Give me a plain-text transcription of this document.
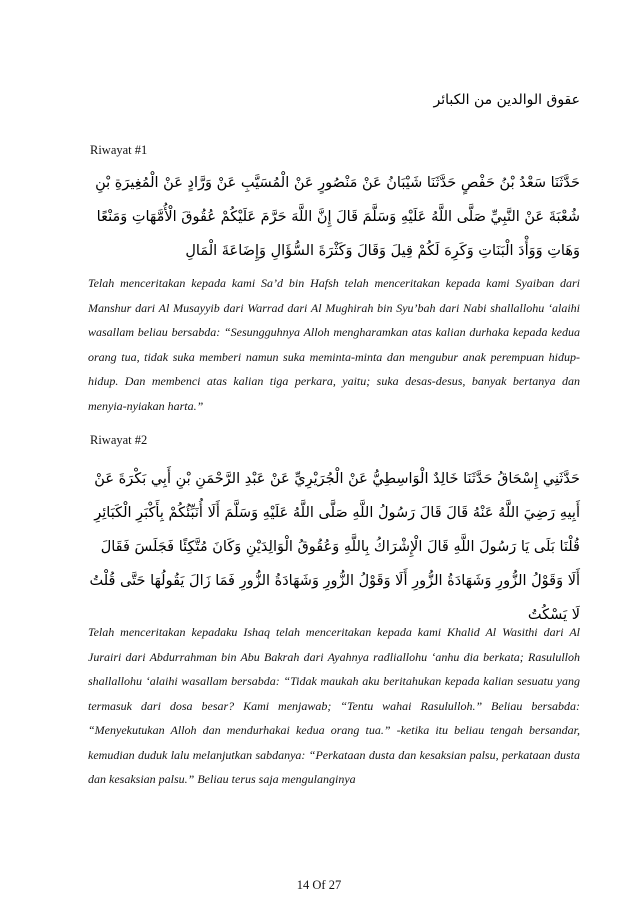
عقوق الوالدين من الكبائر
Riwayat #1
حَدَّثَنَا سَعْدُ بْنُ حَفْصٍ حَدَّثَنَا شَيْبَانُ عَنْ مَنْصُورٍ عَنْ الْمُسَيَّبِ عَنْ وَرَّادٍ عَنْ الْمُغِيرَةِ بْنِ شُعْبَةَ عَنْ النَّبِيِّ صَلَّى اللَّهُ عَلَيْهِ وَسَلَّمَ قَالَ إِنَّ اللَّهَ حَرَّمَ عَلَيْكُمْ عُقُوقَ الْأُمَّهَاتِ وَمَنْعًا وَهَاتِ وَوَأْدَ الْبَنَاتِ وَكَرِهَ لَكُمْ قِيلَ وَقَالَ وَكَثْرَةَ السُّؤَالِ وَإِضَاعَةَ الْمَالِ
Telah menceritakan kepada kami Sa’d bin Hafsh telah menceritakan kepada kami Syaiban dari Manshur dari Al Musayyib dari Warrad dari Al Mughirah bin Syu’bah dari Nabi shallallohu ‘alaihi wasallam beliau bersabda: “Sesungguhnya Alloh mengharamkan atas kalian durhaka kepada kedua orang tua, tidak suka memberi namun suka meminta-minta dan mengubur anak perempuan hidup-hidup. Dan membenci atas kalian tiga perkara, yaitu; suka desas-desus, banyak bertanya dan menyia-nyiakan harta.”
Riwayat #2
حَدَّثَنِي إِسْحَاقُ حَدَّثَنَا خَالِدٌ الْوَاسِطِيُّ عَنْ الْجُرَيْرِيِّ عَنْ عَبْدِ الرَّحْمَنِ بْنِ أَبِي بَكْرَةَ عَنْ أَبِيهِ رَضِيَ اللَّهُ عَنْهُ قَالَ قَالَ رَسُولُ اللَّهِ صَلَّى اللَّهُ عَلَيْهِ وَسَلَّمَ أَلَا أُنَبِّئُكُمْ بِأَكْبَرِ الْكَبَائِرِ قُلْنَا بَلَى يَا رَسُولَ اللَّهِ قَالَ الْإِشْرَاكُ بِاللَّهِ وَعُقُوقُ الْوَالِدَيْنِ وَكَانَ مُتَّكِئًا فَجَلَسَ فَقَالَ أَلَا وَقَوْلُ الزُّورِ وَشَهَادَةُ الزُّورِ أَلَا وَقَوْلُ الزُّورِ وَشَهَادَةُ الزُّورِ فَمَا زَالَ يَقُولُهَا حَتَّى قُلْتُ لَا يَسْكُتُ
Telah menceritakan kepadaku Ishaq telah menceritakan kepada kami Khalid Al Wasithi dari Al Jurairi dari Abdurrahman bin Abu Bakrah dari Ayahnya radliallohu ‘anhu dia berkata; Rasululloh shallallohu ‘alaihi wasallam bersabda: “Tidak maukah aku beritahukan kepada kalian sesuatu yang termasuk dari dosa besar? Kami menjawab; “Tentu wahai Rasululloh.” Beliau bersabda: “Menyekutukan Alloh dan mendurhakai kedua orang tua.” -ketika itu beliau tengah bersandar, kemudian duduk lalu melanjutkan sabdanya: “Perkataan dusta dan kesaksian palsu, perkataan dusta dan kesaksian palsu.” Beliau terus saja mengulanginya
14 Of 27
